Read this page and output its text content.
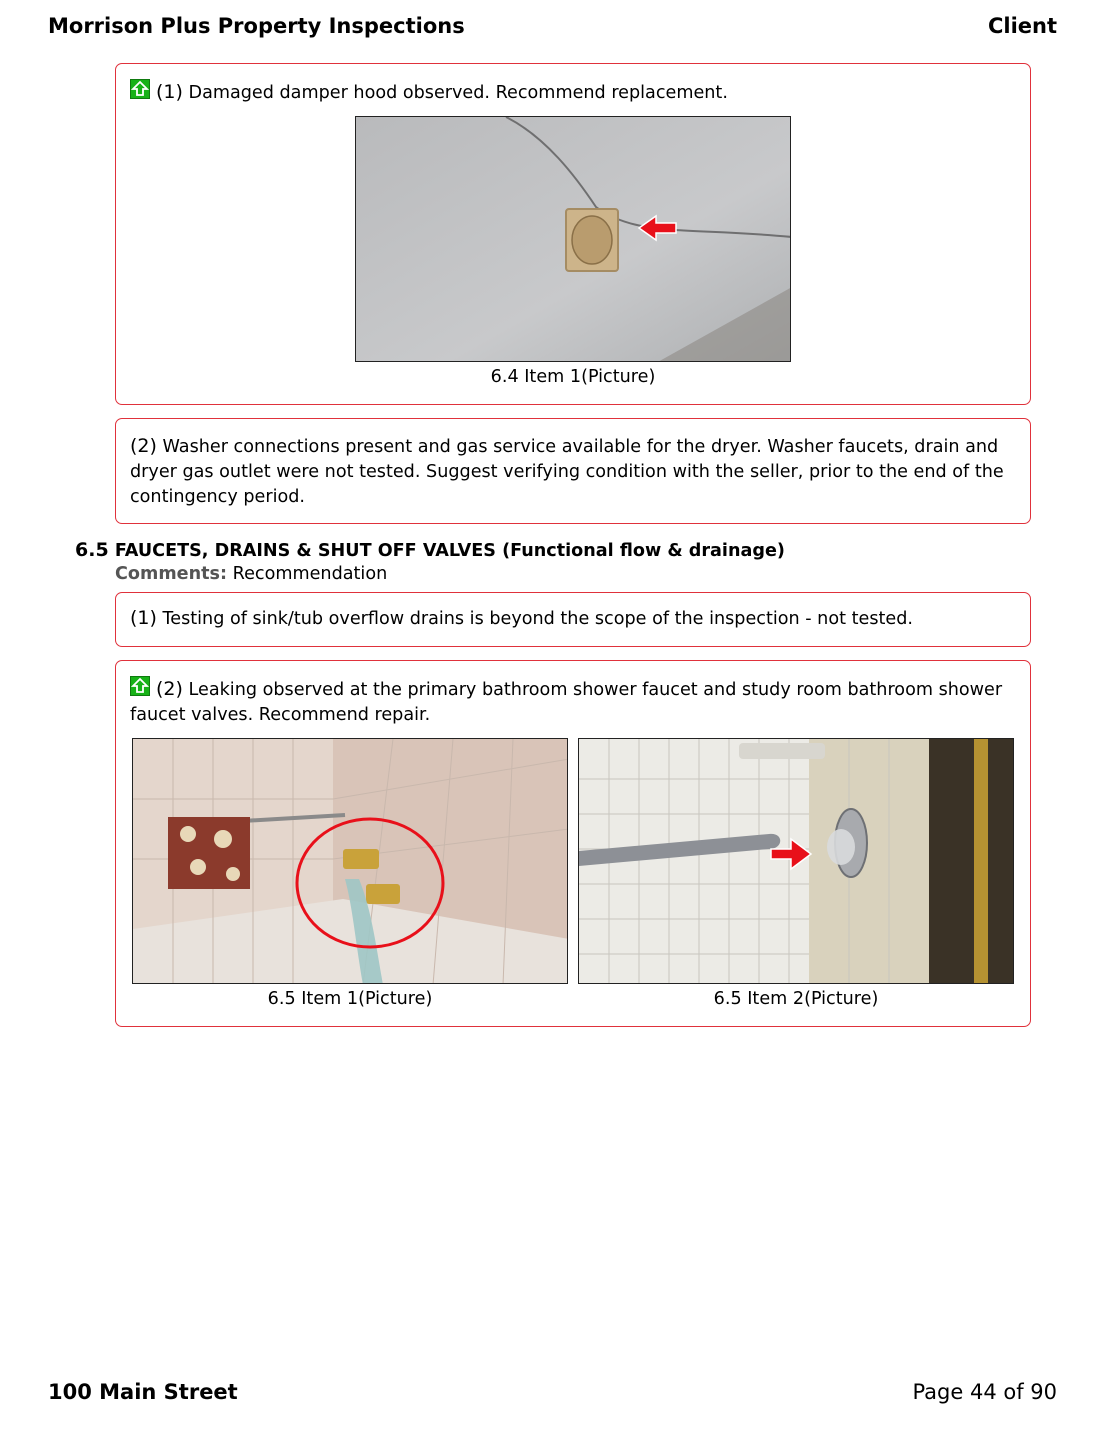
Morrison Plus Property Inspections	Client
(1) Damaged damper hood observed. Recommend replacement.
6.4 Item 1(Picture)
(2) Washer connections present and gas service available for the dryer. Washer faucets, drain and dryer gas outlet were not tested. Suggest verifying condition with the seller, prior to the end of the contingency period.
6.5 FAUCETS, DRAINS & SHUT OFF VALVES (Functional flow & drainage)
Comments: Recommendation
(1) Testing of sink/tub overflow drains is beyond the scope of the inspection - not tested.
(2) Leaking observed at the primary bathroom shower faucet and study room bathroom shower faucet valves. Recommend repair.
6.5 Item 1(Picture)	6.5 Item 2(Picture)
100 Main Street	Page 44 of 90
